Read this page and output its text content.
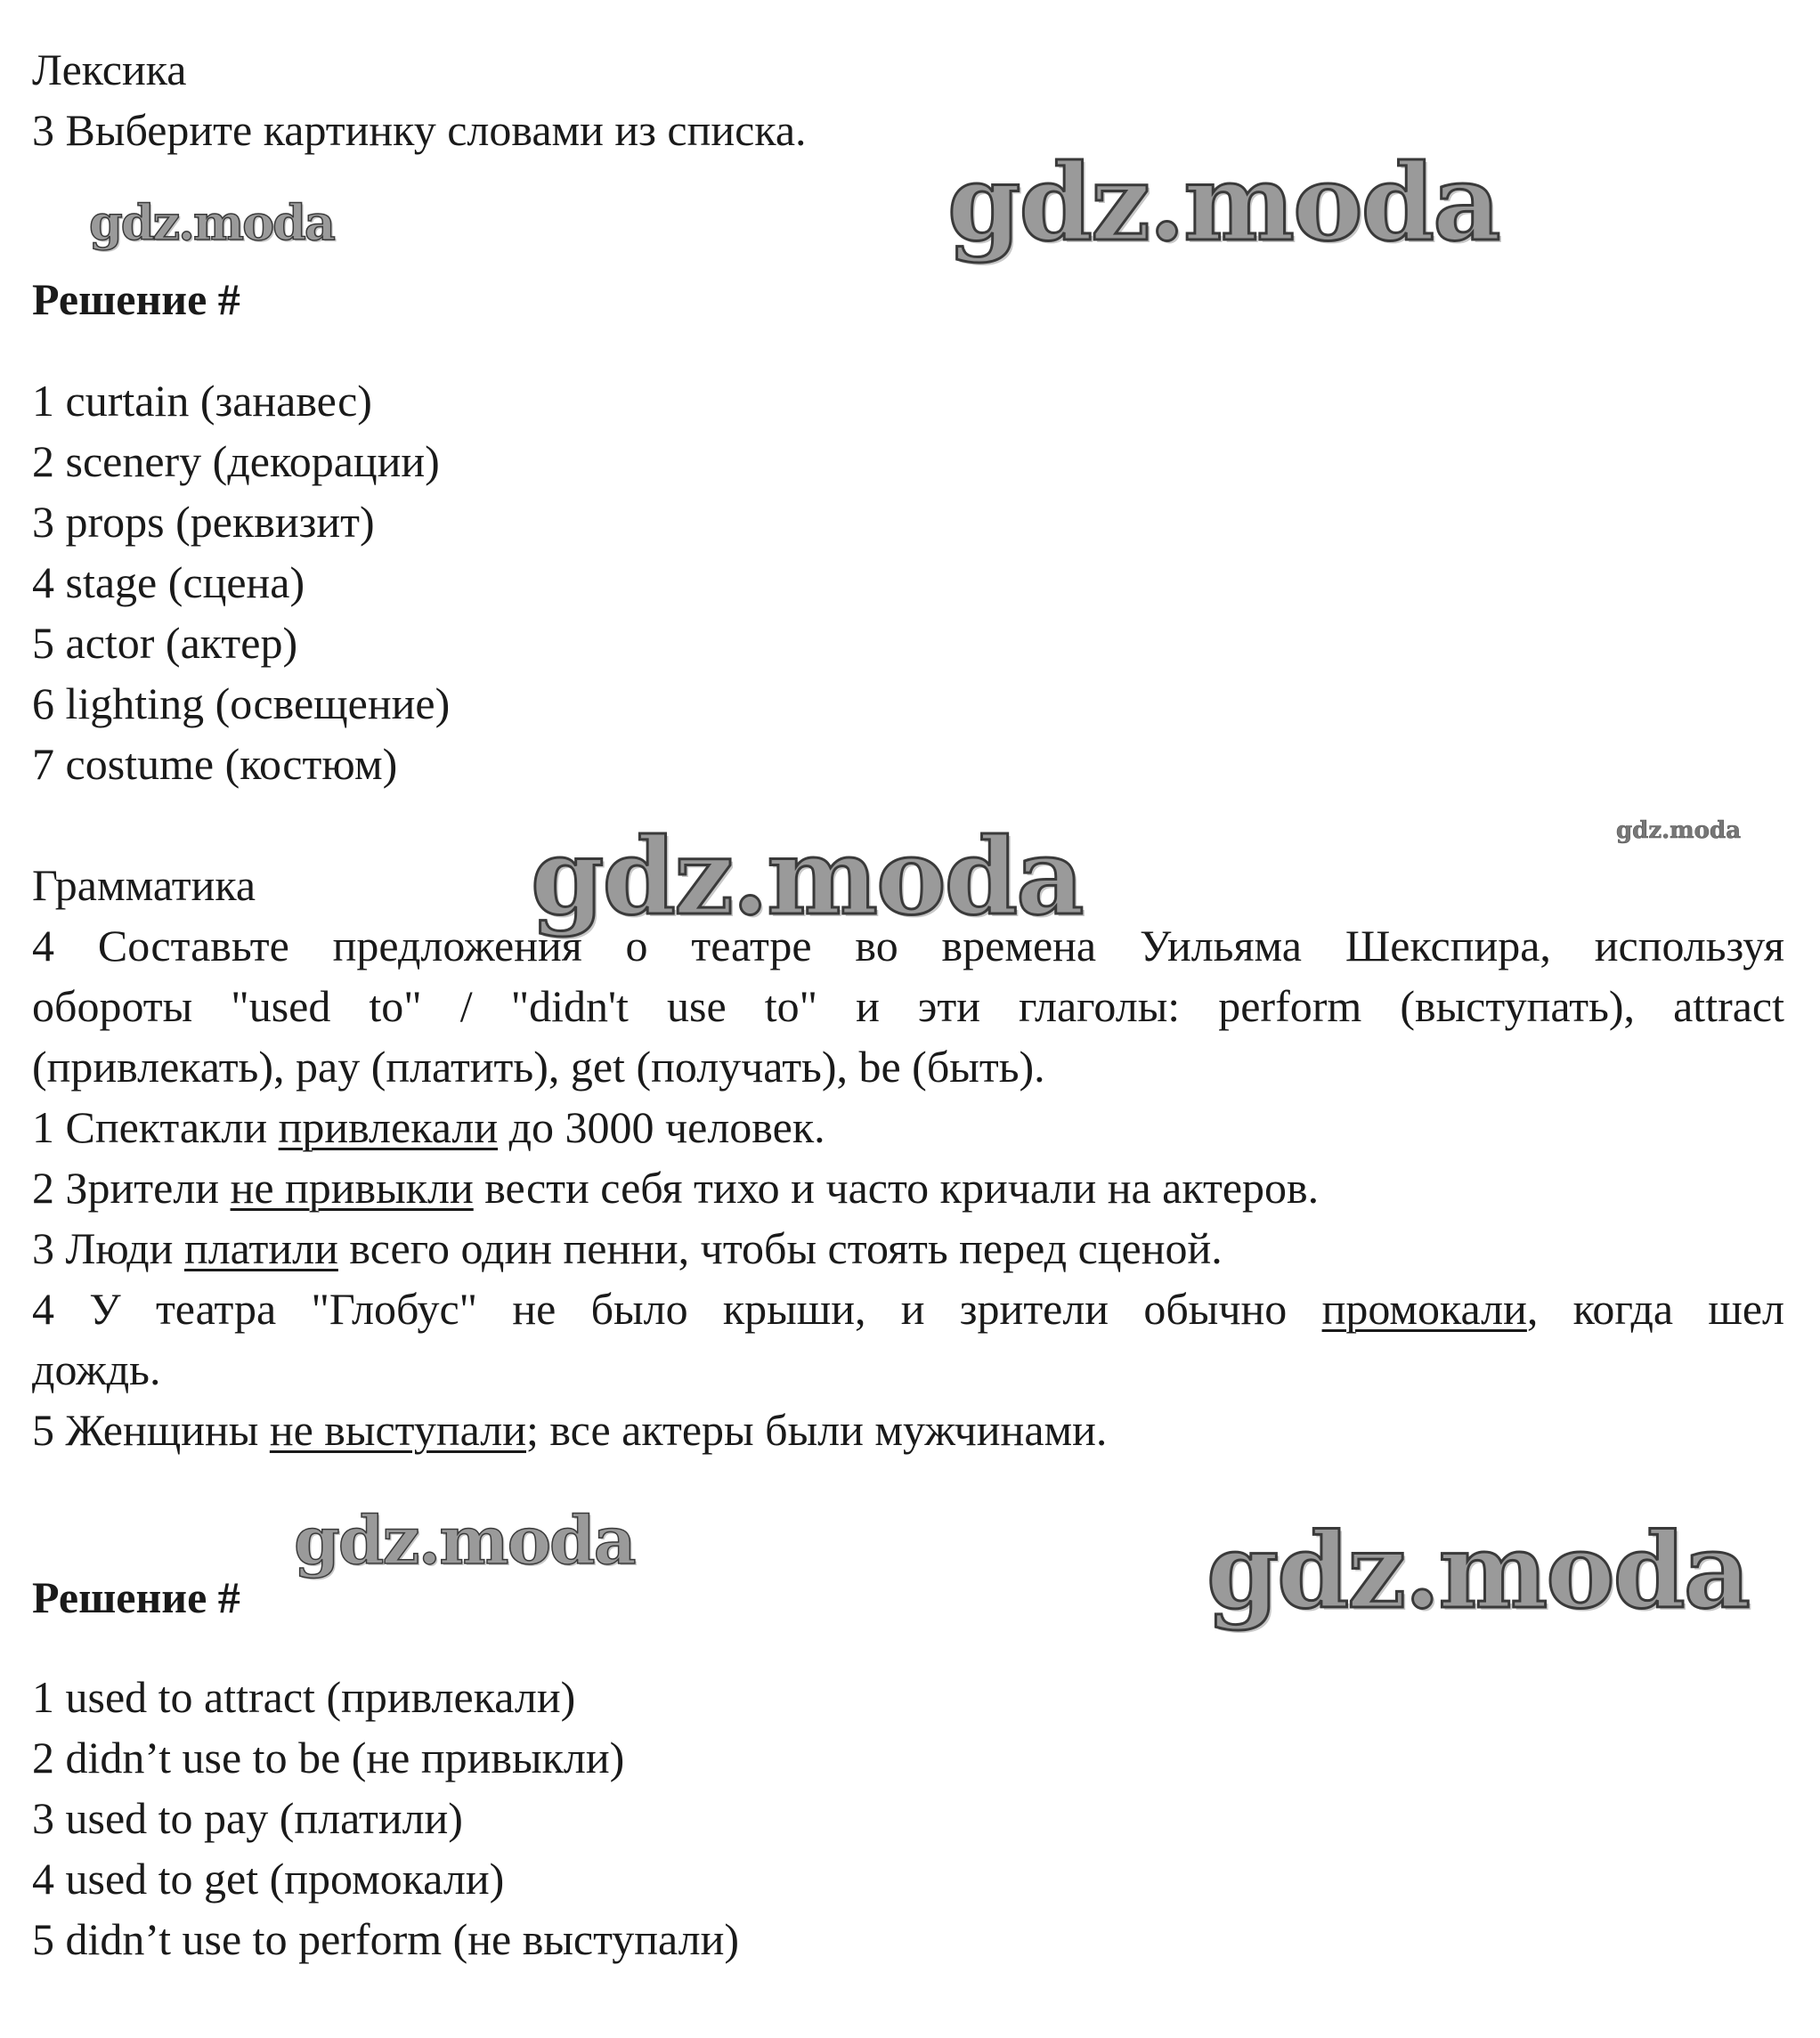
gdz.moda	gdz.moda
gdz.moda
gdz.moda
gdz.moda	gdz.moda
Лексика
3 Выберите картинку словами из списка.
Решение #
1 curtain (занавес)
2 scenery (декорации)
3 props (реквизит)
4 stage (сцена)
5 actor (актер)
6 lighting (освещение)
7 costume (костюм)
Грамматика
4 Составьте предложения о театре во времена Уильяма Шекспира, используя
обороты "used to" / "didn't use to" и эти глаголы: perform (выступать), attract
(привлекать), pay (платить), get (получать), be (быть).
1 Спектакли привлекали до 3000 человек.
2 Зрители не привыкли вести себя тихо и часто кричали на актеров.
3 Люди платили всего один пенни, чтобы стоять перед сценой.
4 У театра "Глобус" не было крыши, и зрители обычно промокали, когда шел
дождь.
5 Женщины не выступали; все актеры были мужчинами.
Решение #
1 used to attract (привлекали)
2 didn’t use to be (не привыкли)
3 used to pay (платили)
4 used to get (промокали)
5 didn’t use to perform (не выступали)
